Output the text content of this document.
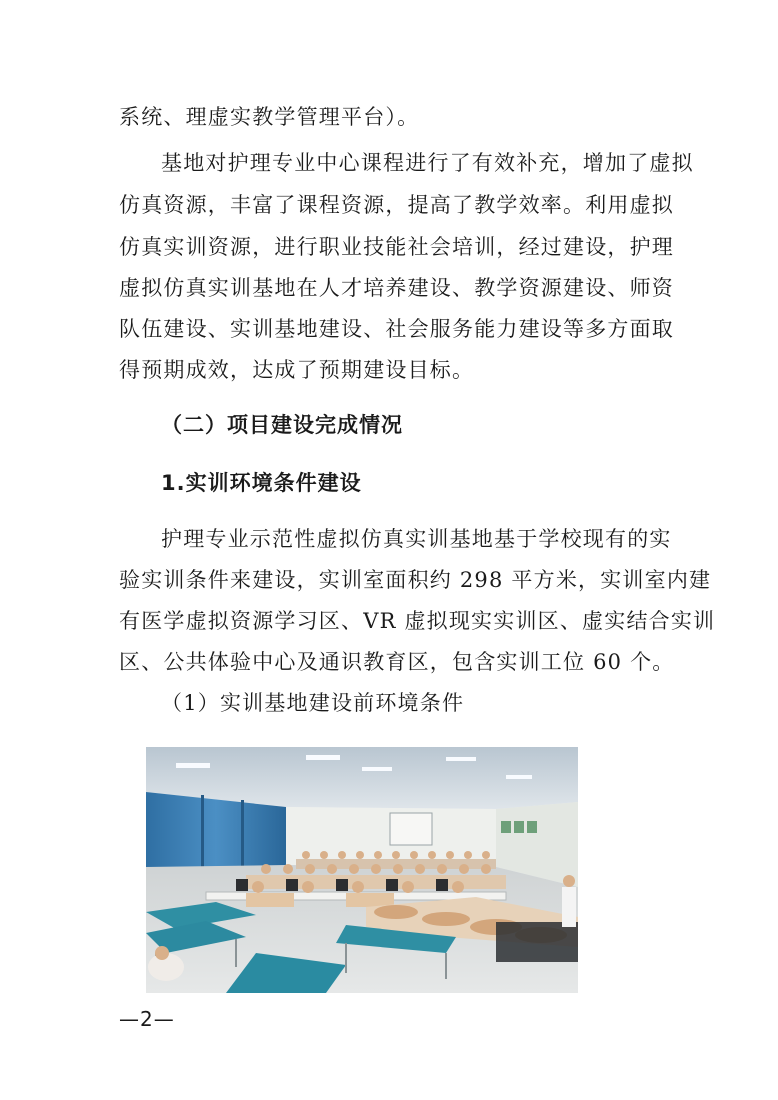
系统、理虚实教学管理平台）。
基地对护理专业中心课程进行了有效补充，增加了虚拟
仿真资源，丰富了课程资源，提高了教学效率。利用虚拟
仿真实训资源，进行职业技能社会培训，经过建设，护理
虚拟仿真实训基地在人才培养建设、教学资源建设、师资
队伍建设、实训基地建设、社会服务能力建设等多方面取
得预期成效，达成了预期建设目标。
（二）项目建设完成情况
1.实训环境条件建设
护理专业示范性虚拟仿真实训基地基于学校现有的实
验实训条件来建设，实训室面积约 298 平方米，实训室内建
有医学虚拟资源学习区、VR 虚拟现实实训区、虚实结合实训
区、公共体验中心及通识教育区，包含实训工位 60 个。
（1）实训基地建设前环境条件
—2—
